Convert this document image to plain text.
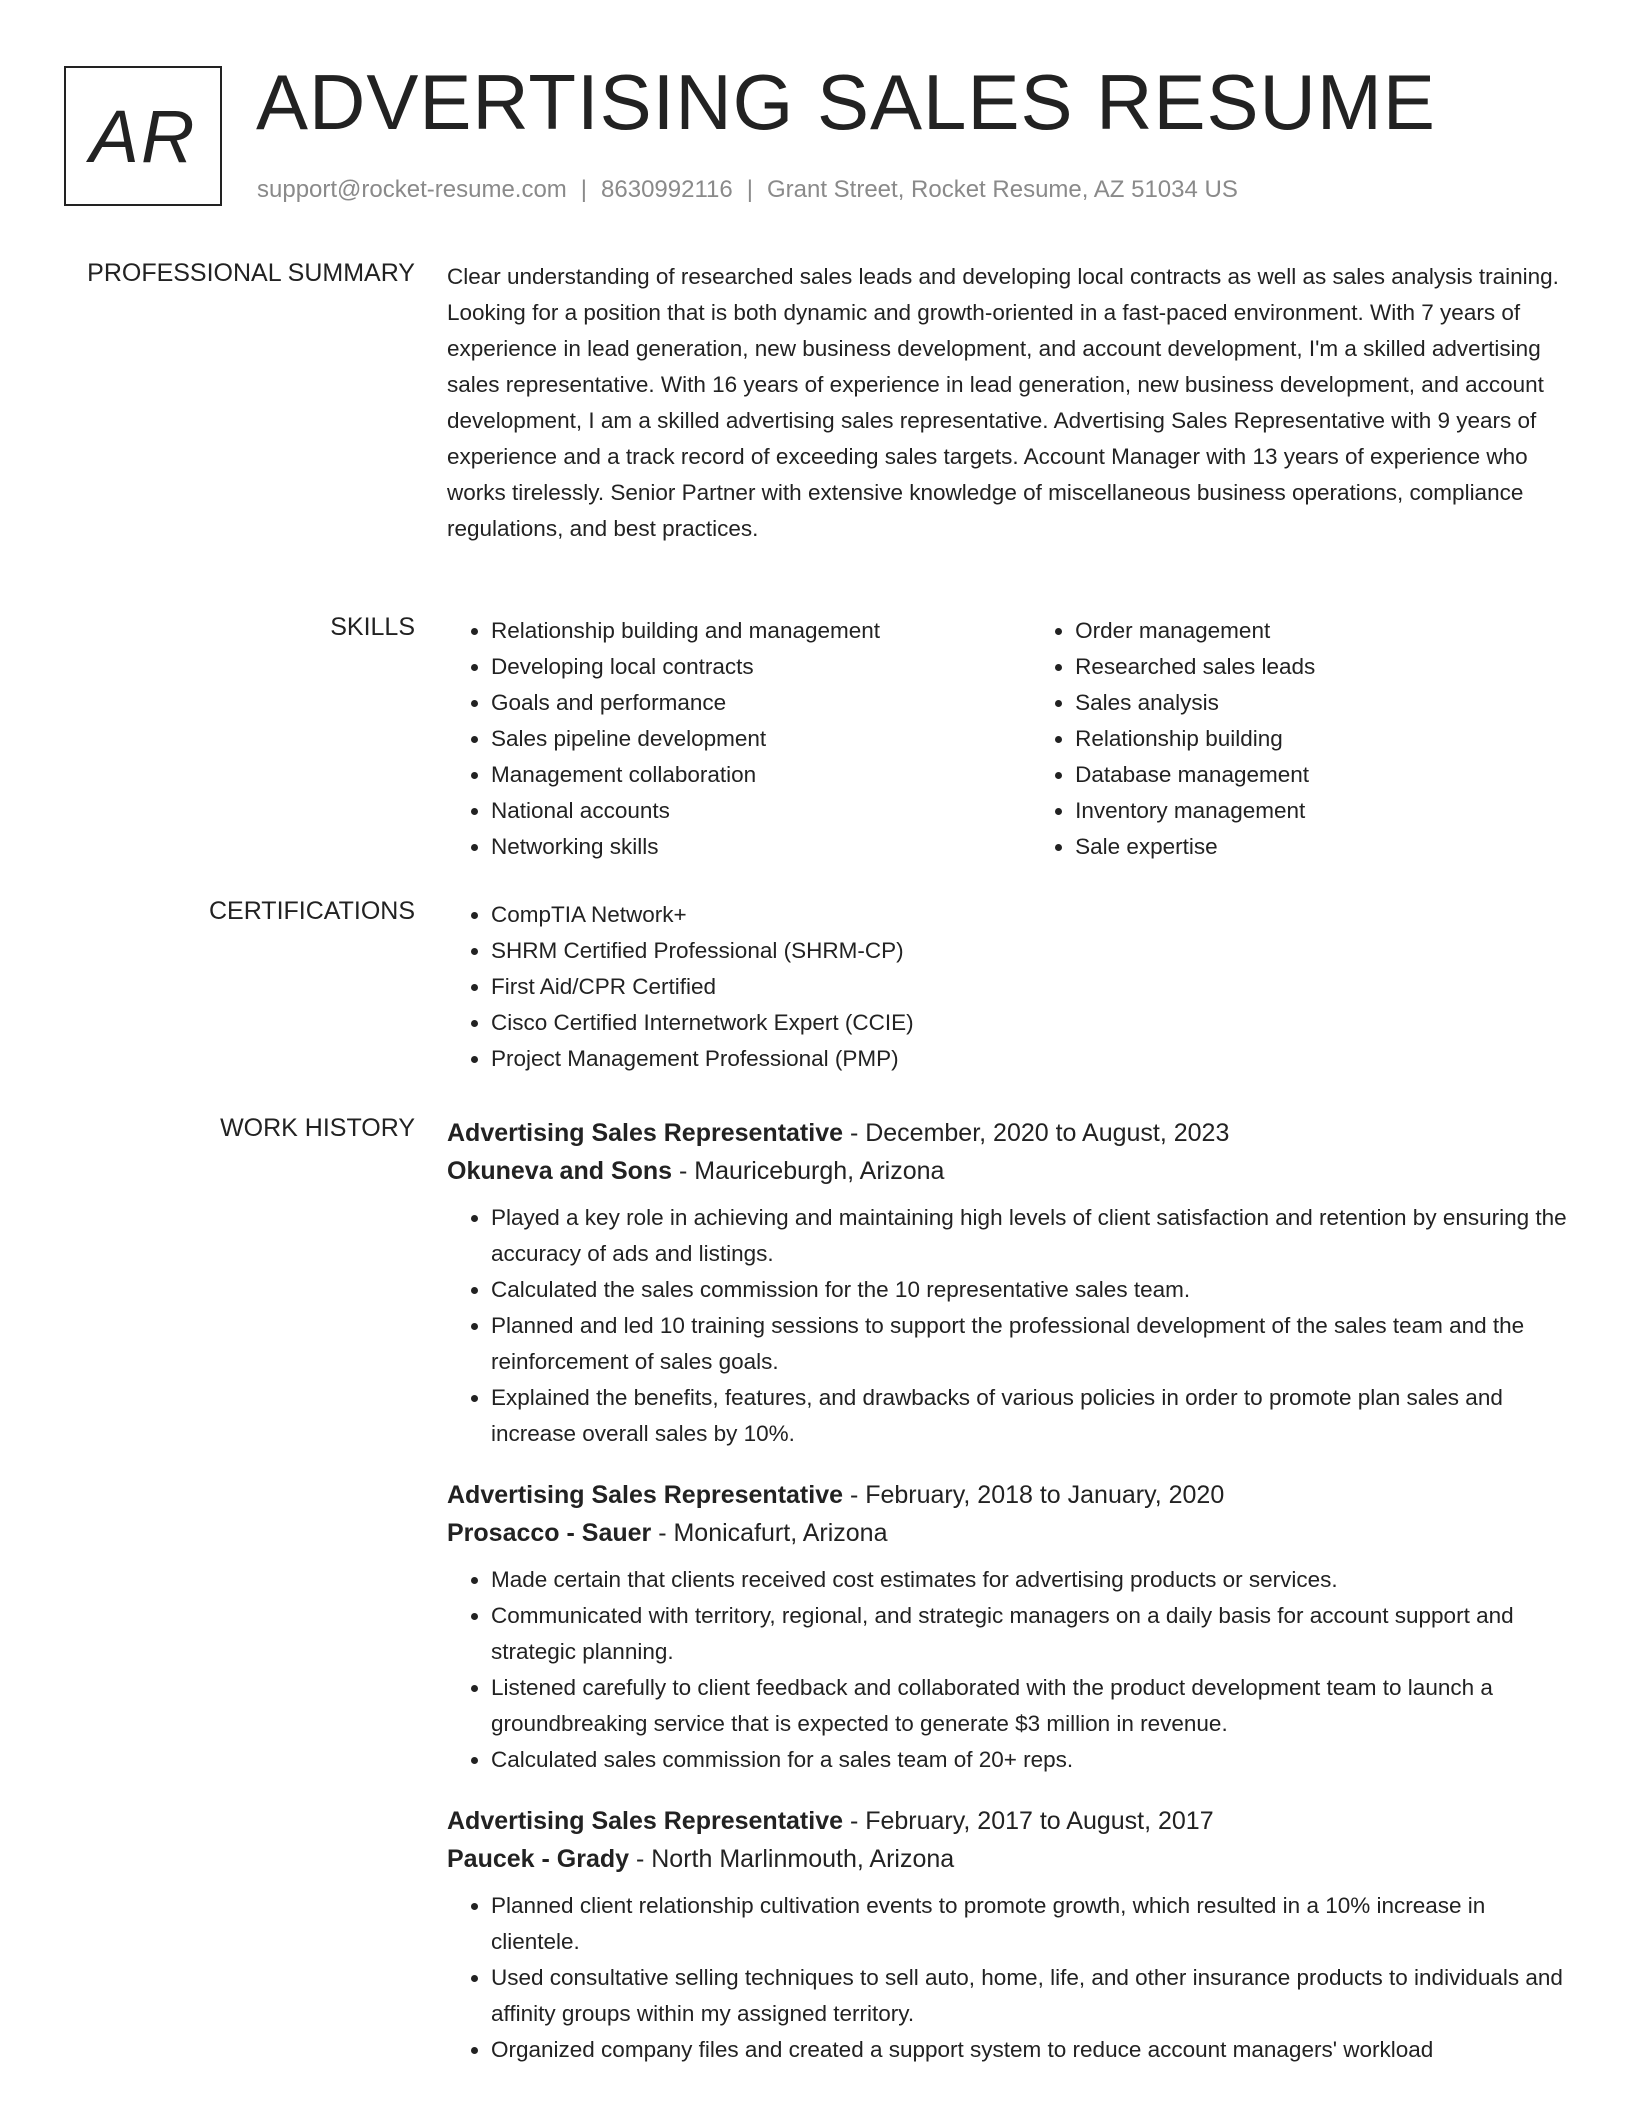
AR ADVERTISING SALES RESUME
support@rocket-resume.com | 8630992116 | Grant Street, Rocket Resume, AZ 51034 US
PROFESSIONAL SUMMARY Clear understanding of researched sales leads and developing local contracts as well as sales analysis training. Looking for a position that is both dynamic and growth-oriented in a fast-paced environment. With 7 years of experience in lead generation, new business development, and account development, I'm a skilled advertising sales representative. With 16 years of experience in lead generation, new business development, and account development, I am a skilled advertising sales representative. Advertising Sales Representative with 9 years of experience and a track record of exceeding sales targets. Account Manager with 13 years of experience who works tirelessly. Senior Partner with extensive knowledge of miscellaneous business operations, compliance regulations, and best practices.

SKILLS	• Relationship building and management
• Developing local contracts
• Goals and performance
• Sales pipeline development
• Management collaboration
• National accounts
• Networking skills
• Order management
• Researched sales leads
• Sales analysis
• Relationship building
• Database management
• Inventory management
• Sale expertise
CERTIFICATIONS	• CompTIA Network+
• SHRM Certified Professional (SHRM-CP)
• First Aid/CPR Certified
• Cisco Certified Internetwork Expert (CCIE)
• Project Management Professional (PMP)
WORK HISTORY Advertising Sales Representative - December, 2020 to August, 2023
Okuneva and Sons - Mauriceburgh, Arizona
• Played a key role in achieving and maintaining high levels of client satisfaction and retention by ensuring the accuracy of ads and listings.
• Calculated the sales commission for the 10 representative sales team.
• Planned and led 10 training sessions to support the professional development of the sales team and the reinforcement of sales goals.
• Explained the benefits, features, and drawbacks of various policies in order to promote plan sales and increase overall sales by 10%.
Advertising Sales Representative - February, 2018 to January, 2020
Prosacco - Sauer - Monicafurt, Arizona
• Made certain that clients received cost estimates for advertising products or services.
• Communicated with territory, regional, and strategic managers on a daily basis for account support and strategic planning.
• Listened carefully to client feedback and collaborated with the product development team to launch a groundbreaking service that is expected to generate $3 million in revenue.
• Calculated sales commission for a sales team of 20+ reps.
Advertising Sales Representative - February, 2017 to August, 2017
Paucek - Grady - North Marlinmouth, Arizona
• Planned client relationship cultivation events to promote growth, which resulted in a 10% increase in clientele.
• Used consultative selling techniques to sell auto, home, life, and other insurance products to individuals and affinity groups within my assigned territory.
• Organized company files and created a support system to reduce account managers' workload
